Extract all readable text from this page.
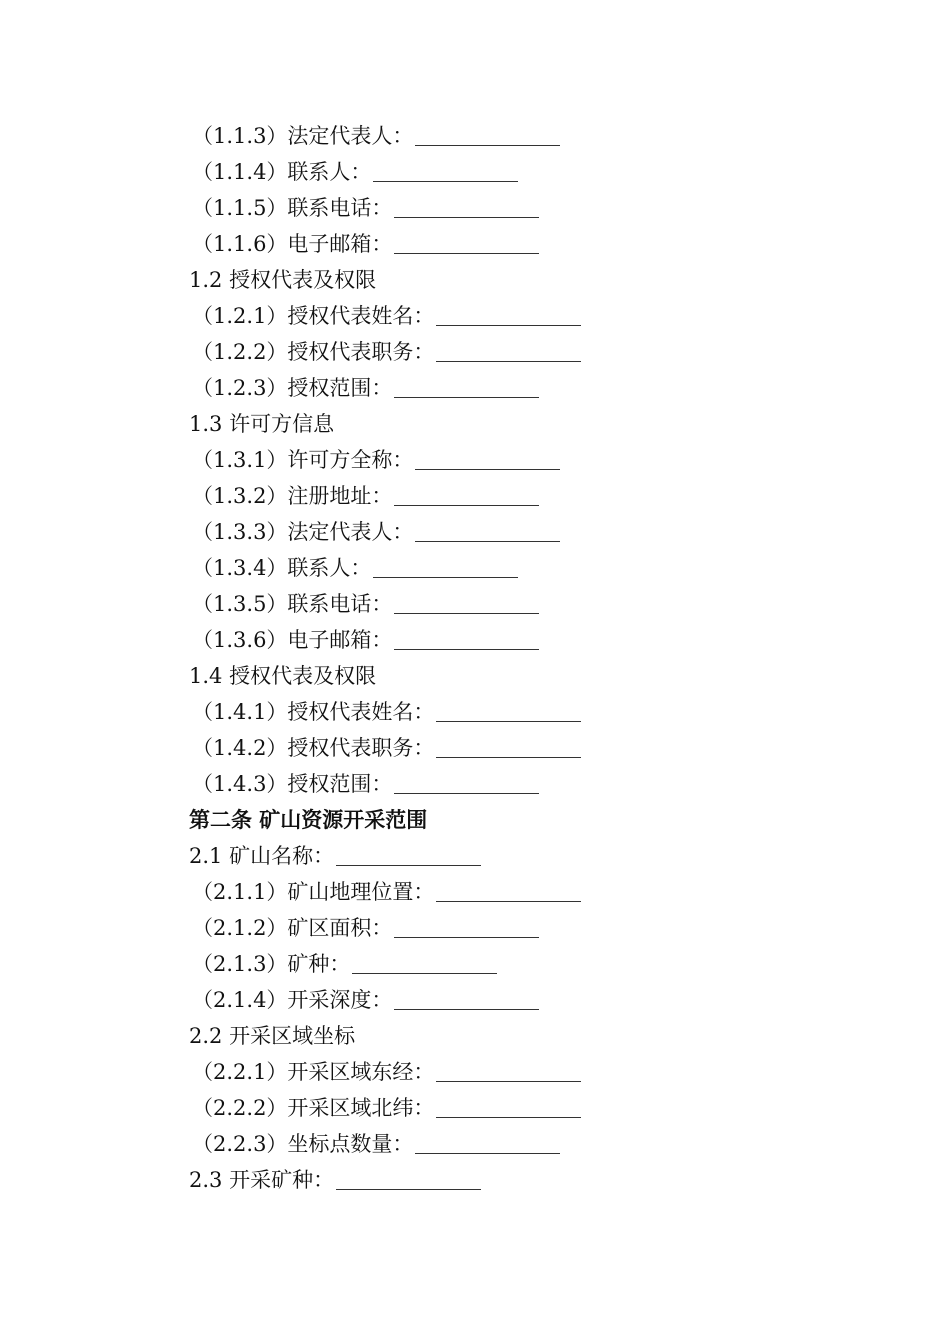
（1.1.3）法定代表人：
（1.1.4）联系人：
（1.1.5）联系电话：
（1.1.6）电子邮箱：
1.2 授权代表及权限
（1.2.1）授权代表姓名：
（1.2.2）授权代表职务：
（1.2.3）授权范围：
1.3 许可方信息
（1.3.1）许可方全称：
（1.3.2）注册地址：
（1.3.3）法定代表人：
（1.3.4）联系人：
（1.3.5）联系电话：
（1.3.6）电子邮箱：
1.4 授权代表及权限
（1.4.1）授权代表姓名：
（1.4.2）授权代表职务：
（1.4.3）授权范围：
第二条 矿山资源开采范围
2.1 矿山名称：
（2.1.1）矿山地理位置：
（2.1.2）矿区面积：
（2.1.3）矿种：
（2.1.4）开采深度：
2.2 开采区域坐标
（2.2.1）开采区域东经：
（2.2.2）开采区域北纬：
（2.2.3）坐标点数量：
2.3 开采矿种：
